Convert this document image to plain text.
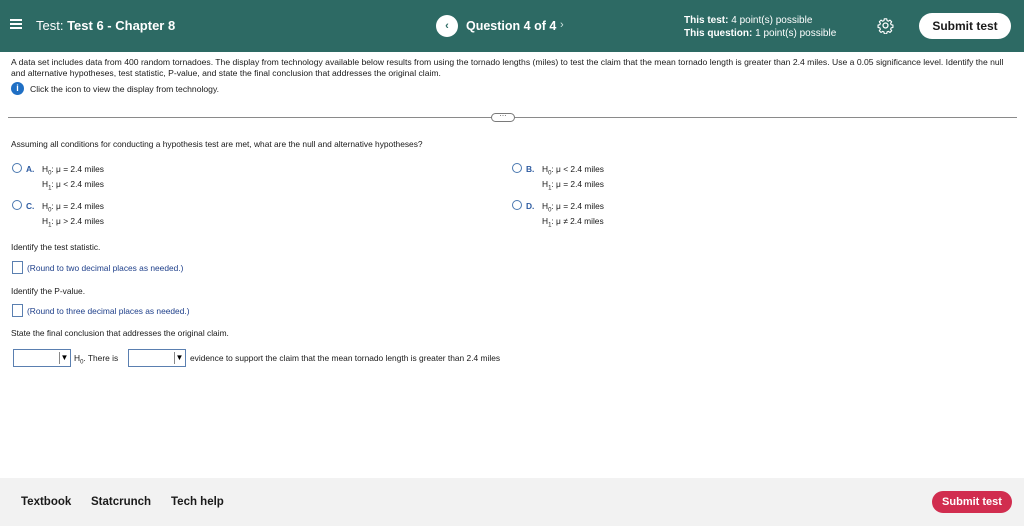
Test: Test 6 - Chapter 8	‹	Question 4 of 4 ›	This test: 4 point(s) possible
This question: 1 point(s) possible
Submit test
A data set includes data from 400 random tornadoes. The display from technology available below results from using the tornado lengths (miles) to test the claim that the mean tornado length is greater than 2.4 miles. Use a 0.05 significance level. Identify the null and alternative hypotheses, test statistic, P-value, and state the final conclusion that addresses the original claim.
i Click the icon to view the display from technology.
⋯
Assuming all conditions for conducting a hypothesis test are met, what are the null and alternative hypotheses?
A. $H_0$: μ = 2.4 miles
$H_1$: μ < 2.4 miles
B. $H_0$: μ < 2.4 miles
$H_1$: μ = 2.4 miles
C. $H_0$: μ = 2.4 miles
$H_1$: μ > 2.4 miles
D. $H_0$: μ = 2.4 miles
$H_1$: μ ≠ 2.4 miles
Identify the test statistic.
(Round to two decimal places as needed.)
Identify the P-value.
(Round to three decimal places as needed.)
State the final conclusion that addresses the original claim.
▼ $H_0$. There is	▼ evidence to support the claim that the mean tornado length is greater than 2.4 miles
Textbook Statcrunch Tech help	Submit test
